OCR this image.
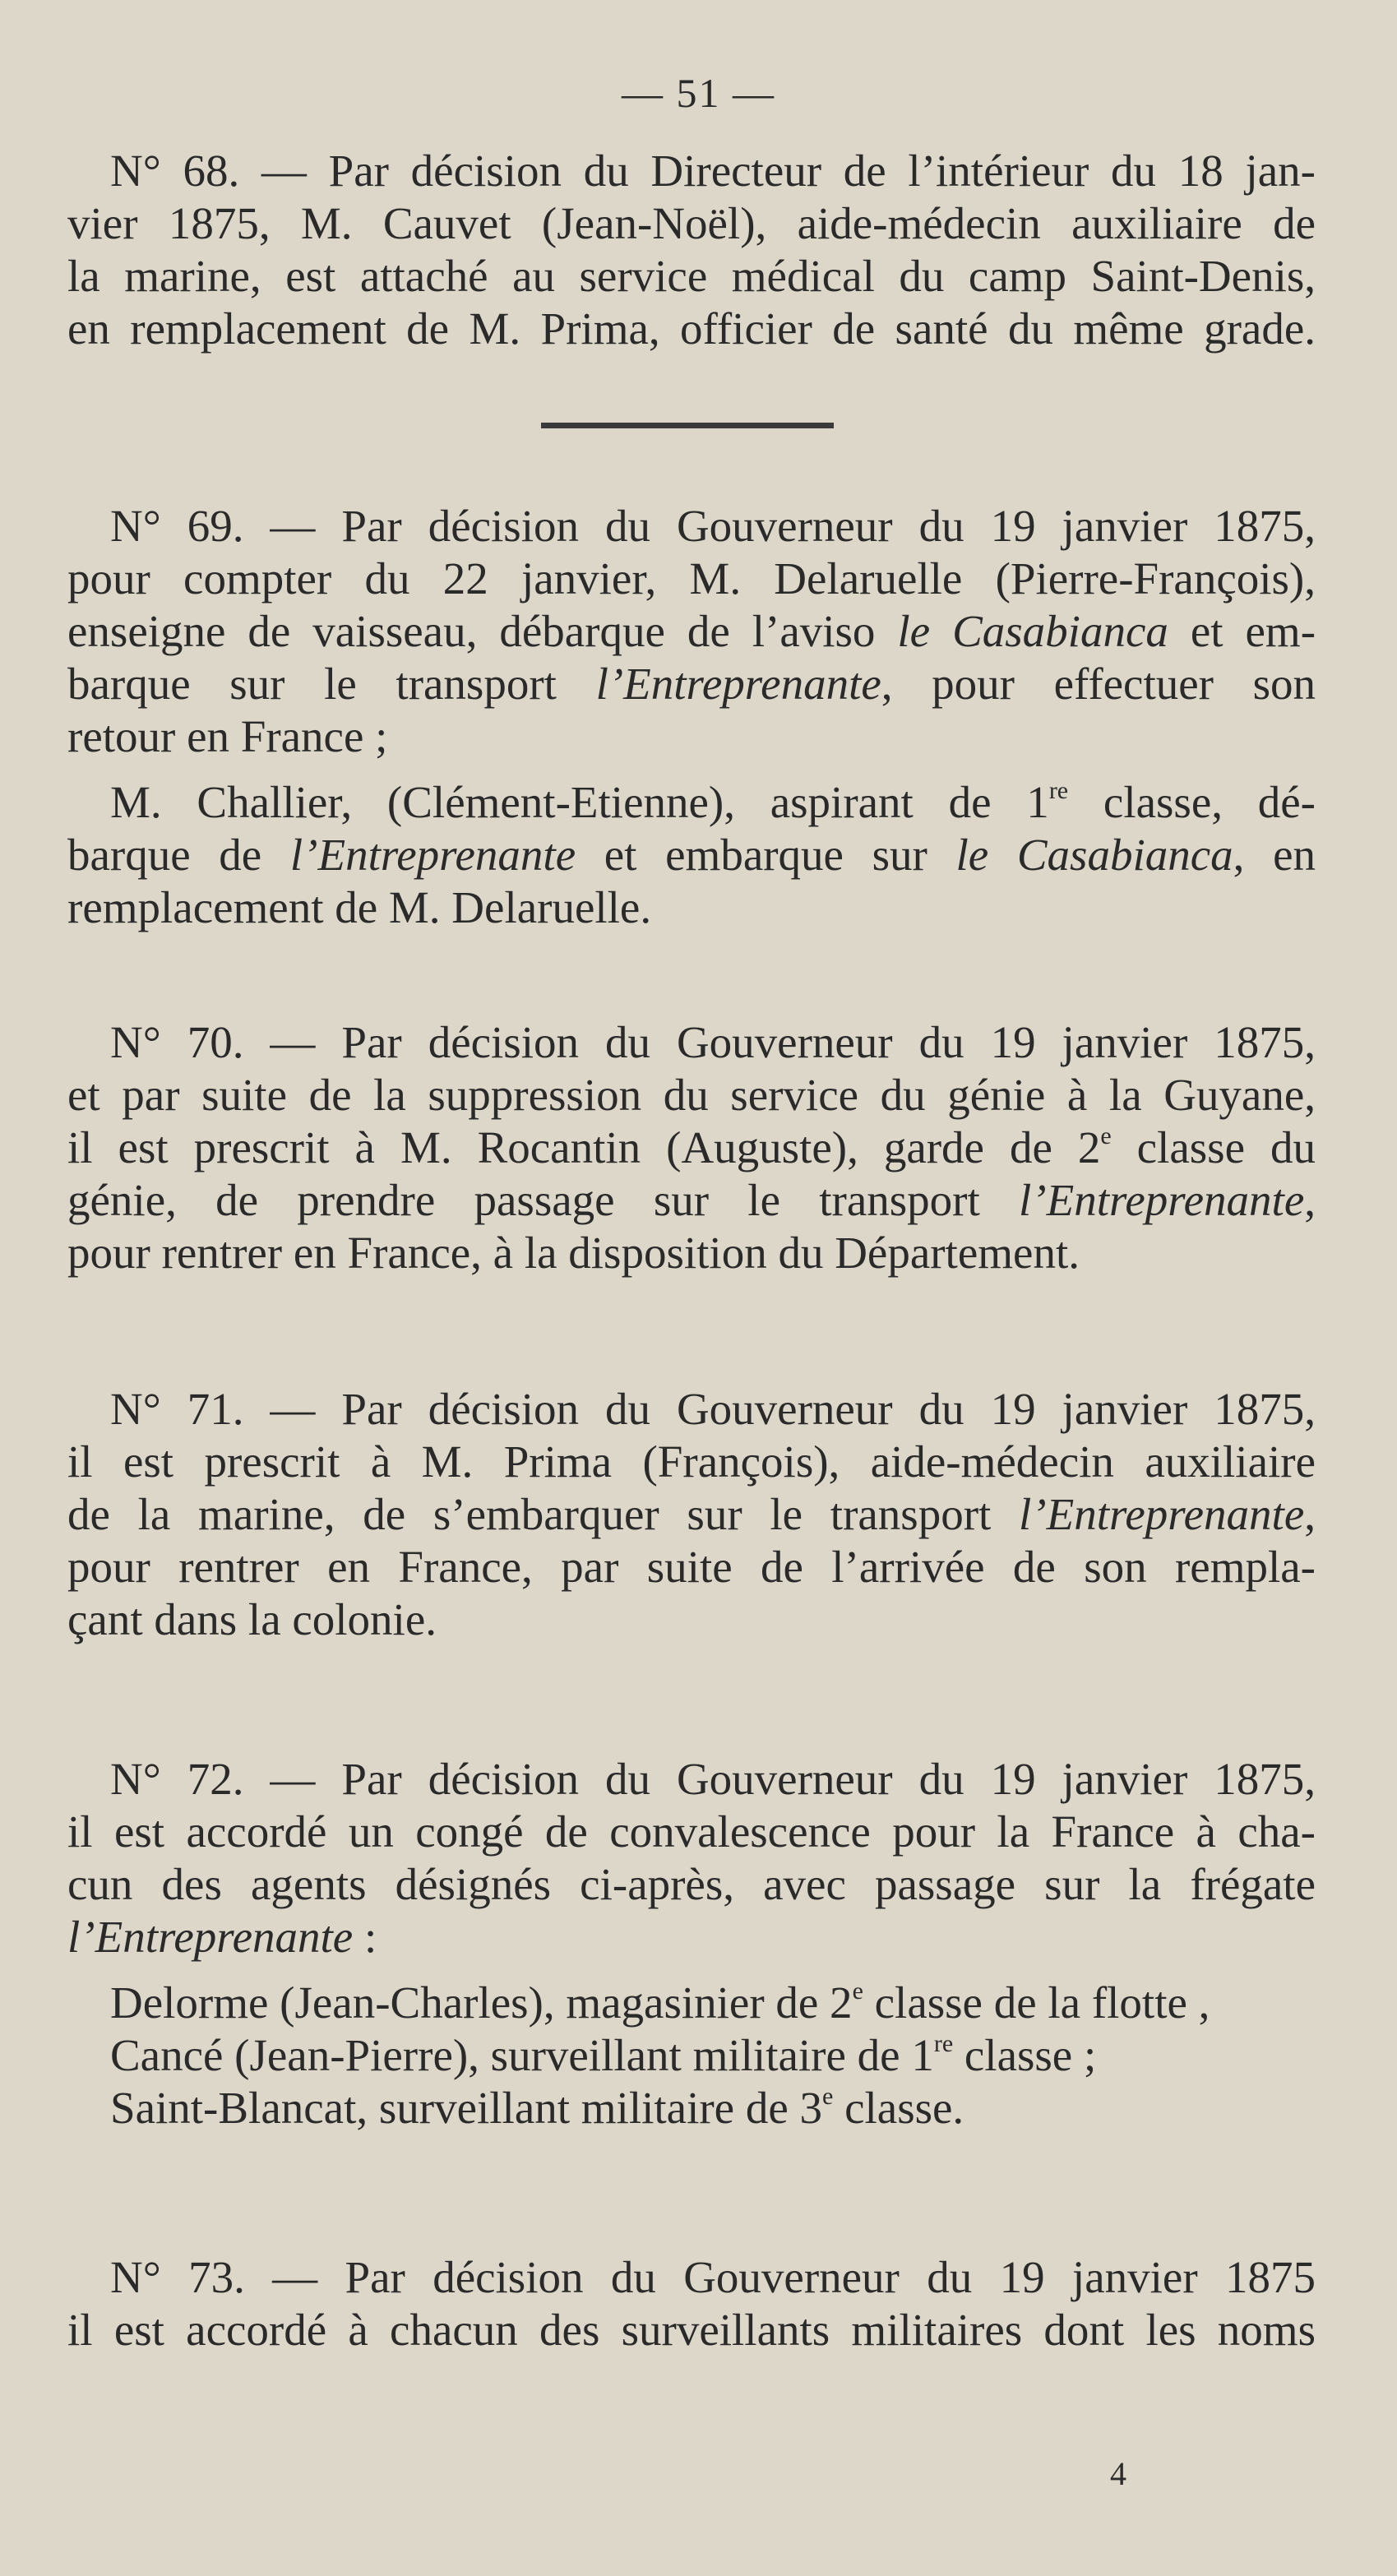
— 51 —
N° 68. — Par décision du Directeur de l’intérieur du 18 jan-
vier 1875, M. Cauvet (Jean-Noël), aide-médecin auxiliaire de
la marine, est attaché au service médical du camp Saint-Denis,
en remplacement de M. Prima, officier de santé du même grade.
N° 69. — Par décision du Gouverneur du 19 janvier 1875,
pour compter du 22 janvier, M. Delaruelle (Pierre-François),
enseigne de vaisseau, débarque de l’aviso le Casabianca et em-
barque sur le transport l’Entreprenante, pour effectuer son
retour en France ;
M. Challier, (Clément-Etienne), aspirant de 1re classe, dé-
barque de l’Entreprenante et embarque sur le Casabianca, en
remplacement de M. Delaruelle.
N° 70. — Par décision du Gouverneur du 19 janvier 1875,
et par suite de la suppression du service du génie à la Guyane,
il est prescrit à M. Rocantin (Auguste), garde de 2e classe du
génie, de prendre passage sur le transport l’Entreprenante,
pour rentrer en France, à la disposition du Département.
N° 71. — Par décision du Gouverneur du 19 janvier 1875,
il est prescrit à M. Prima (François), aide-médecin auxiliaire
de la marine, de s’embarquer sur le transport l’Entreprenante,
pour rentrer en France, par suite de l’arrivée de son rempla-
çant dans la colonie.
N° 72. — Par décision du Gouverneur du 19 janvier 1875,
il est accordé un congé de convalescence pour la France à cha-
cun des agents désignés ci-après, avec passage sur la frégate
l’Entreprenante :
Delorme (Jean-Charles), magasinier de 2e classe de la flotte ,
Cancé (Jean-Pierre), surveillant militaire de 1re classe ;
Saint-Blancat, surveillant militaire de 3e classe.
N° 73. — Par décision du Gouverneur du 19 janvier 1875
il est accordé à chacun des surveillants militaires dont les noms
4
